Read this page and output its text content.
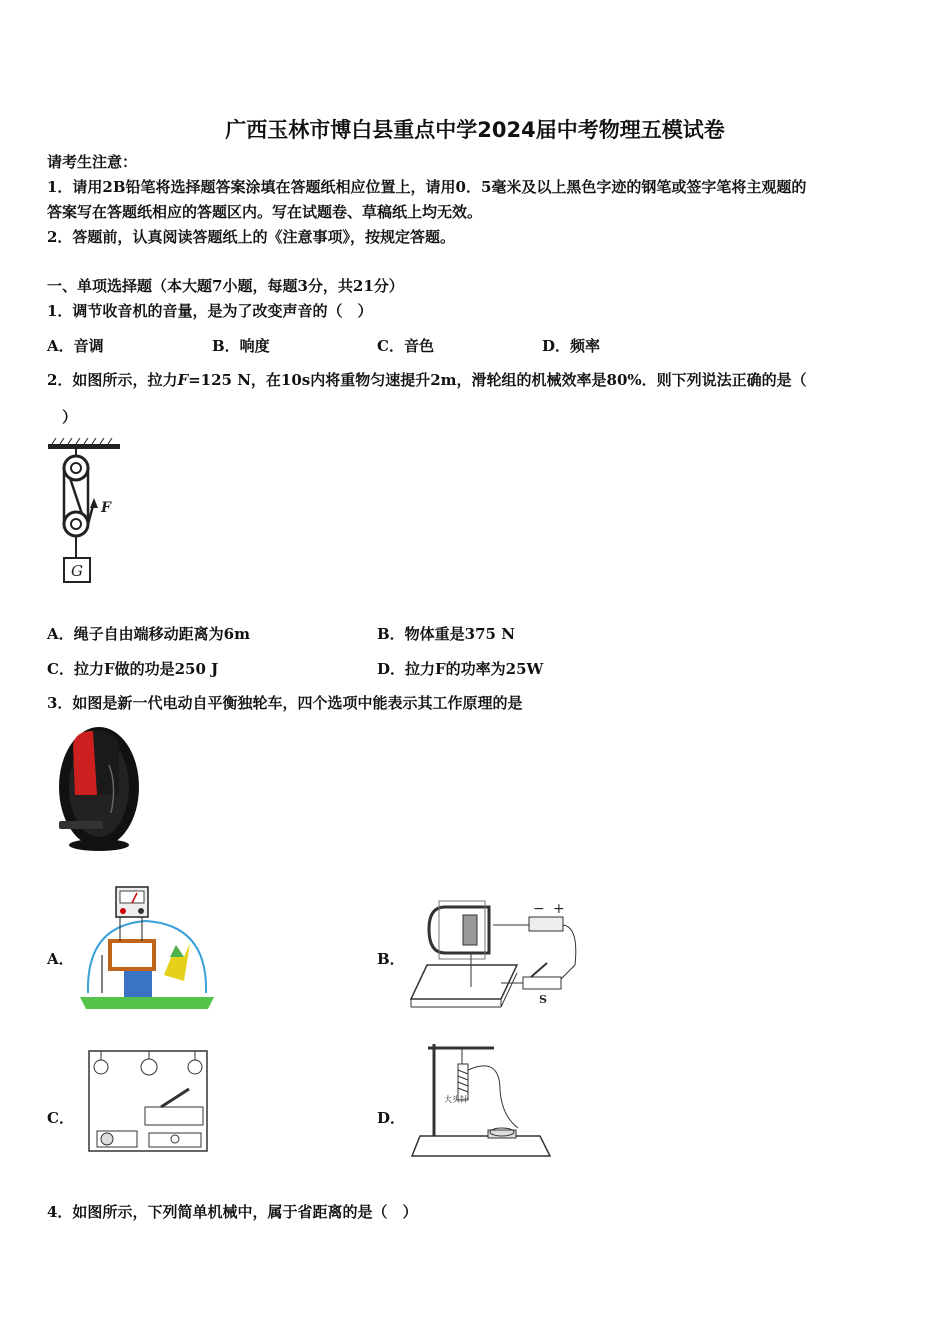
广西玉林市博白县重点中学2024届中考物理五模试卷
请考生注意：
1．请用2B铅笔将选择题答案涂填在答题纸相应位置上，请用0．5毫米及以上黑色字迹的钢笔或签字笔将主观题的
答案写在答题纸相应的答题区内。写在试题卷、草稿纸上均无效。
2．答题前，认真阅读答题纸上的《注意事项》，按规定答题。
一、单项选择题（本大题7小题，每题3分，共21分）
1．调节收音机的音量，是为了改变声音的（　）
A．音调	B．响度	C．音色	D．频率
2．如图所示，拉力F=125 N，在10s内将重物匀速提升2m，滑轮组的机械效率是80%．则下列说法正确的是（
）
F
G
A．绳子自由端移动距离为6m	B．物体重是375 N
C．拉力F做的功是250 J	D．拉力F的功率为25W
3．如图是新一代电动自平衡独轮车，四个选项中能表示其工作原理的是
A．	B．
− +
S
C．	D．
大头针
4．如图所示，下列简单机械中，属于省距离的是（　）
